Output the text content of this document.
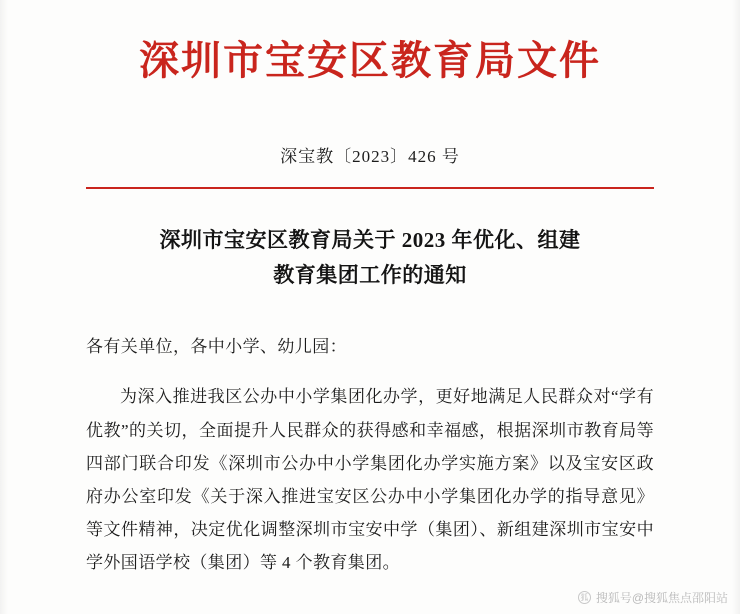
深圳市宝安区教育局文件
深宝教〔2023〕426 号
深圳市宝安区教育局关于 2023 年优化、组建
教育集团工作的通知

各有关单位，各中小学、幼儿园：

为深入推进我区公办中小学集团化办学，更好地满足人民群众对“学有优教”的关切，全面提升人民群众的获得感和幸福感，根据深圳市教育局等四部门联合印发《深圳市公办中小学集团化办学实施方案》以及宝安区政府办公室印发《关于深入推进宝安区公办中小学集团化办学的指导意见》等文件精神，决定优化调整深圳市宝安中学（集团）、新组建深圳市宝安中学外国语学校（集团）等 4 个教育集团。

狐 搜狐号@搜狐焦点邵阳站
